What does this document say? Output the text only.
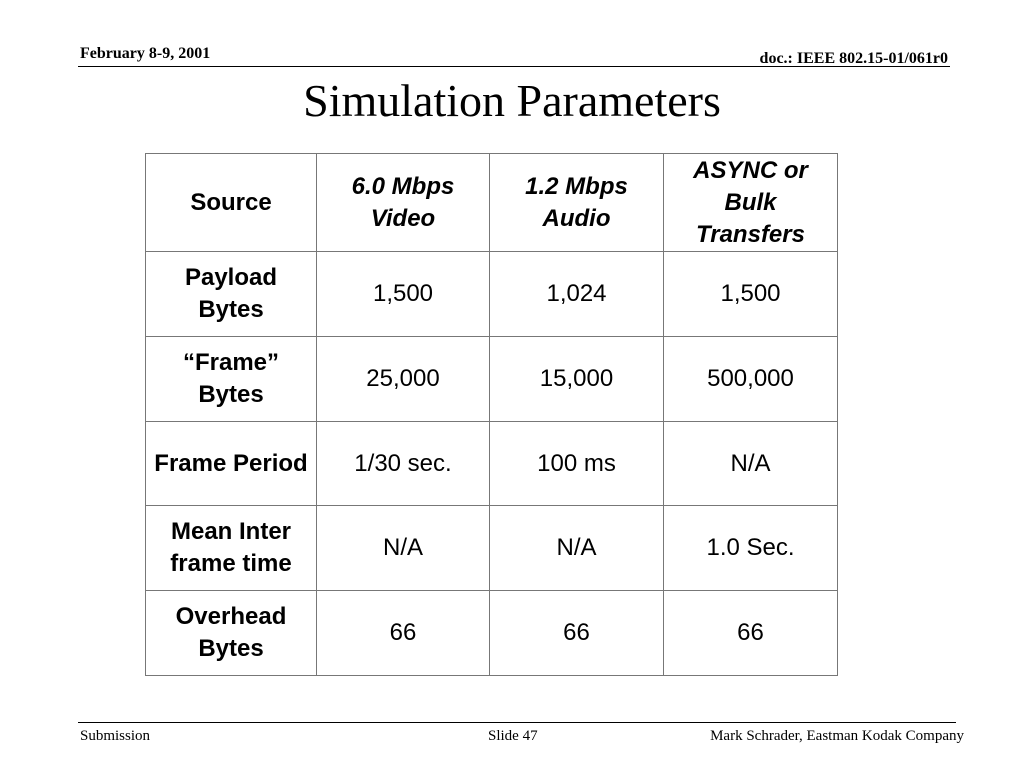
February 8-9, 2001	doc.: IEEE 802.15-01/061r0
Simulation Parameters
Source	6.0 Mbps Video	1.2 Mbps Audio	ASYNC or Bulk Transfers
Payload Bytes	1,500	1,024	1,500
“Frame” Bytes	25,000	15,000	500,000
Frame Period	1/30 sec.	100 ms	N/A
Mean Inter frame time	N/A	N/A	1.0 Sec.
Overhead Bytes	66	66	66
Submission	Slide 47	Mark Schrader, Eastman Kodak Company
